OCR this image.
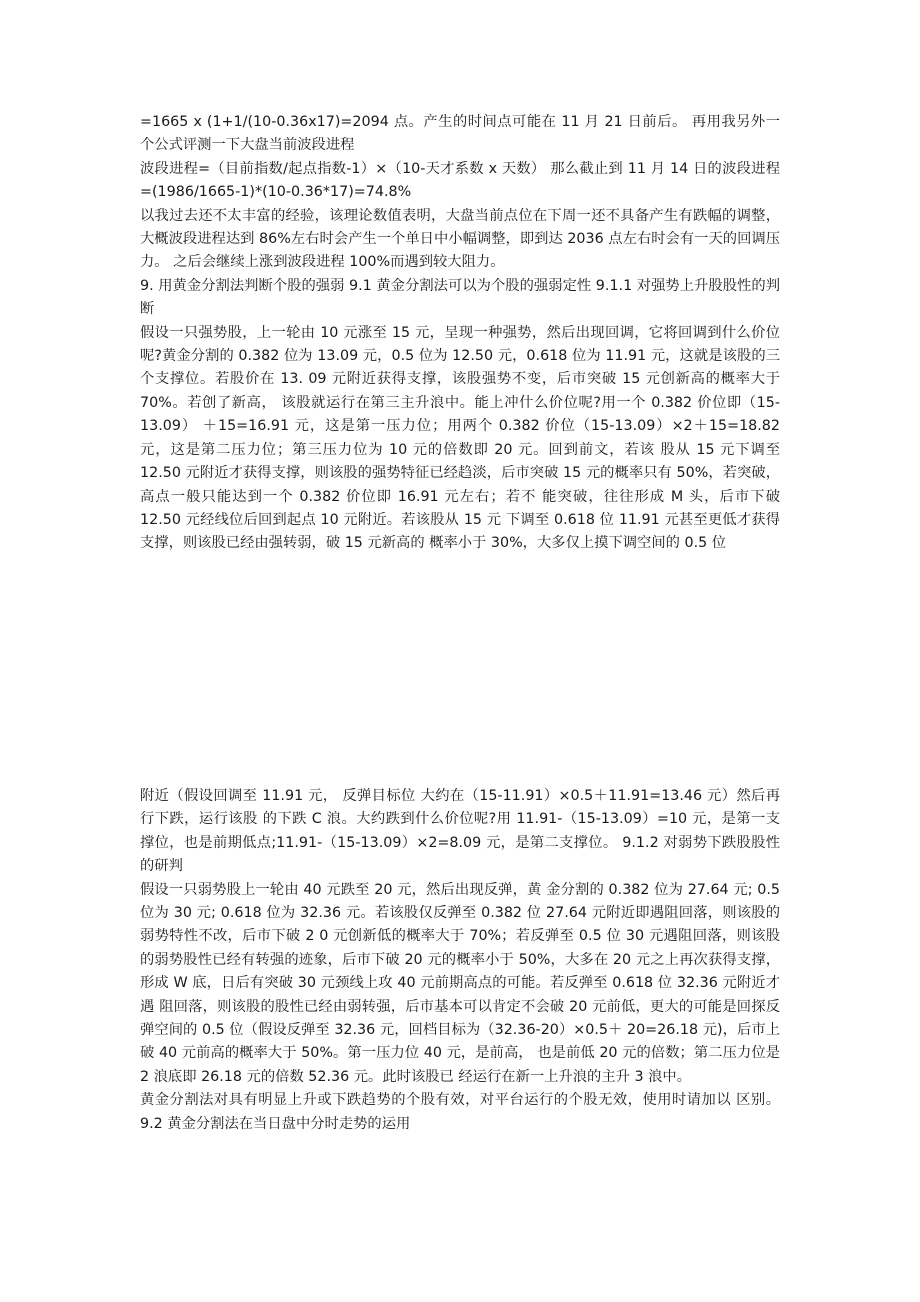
=1665 x (1+1/(10-0.36x17)=2094 点。产生的时间点可能在 11 月 21 日前后。 再用我另外一个公式评测一下大盘当前波段进程

波段进程=（目前指数/起点指数-1）×（10-天才系数 x 天数） 那么截止到 11 月 14 日的波段进程=(1986/1665-1)*(10-0.36*17)=74.8%

以我过去还不太丰富的经验，该理论数值表明，大盘当前点位在下周一还不具备产生有跌幅的调整， 大概波段进程达到 86%左右时会产生一个单日中小幅调整，即到达 2036 点左右时会有一天的回调压力。 之后会继续上涨到波段进程 100%而遇到较大阻力。

9. 用黄金分割法判断个股的强弱 9.1 黄金分割法可以为个股的强弱定性 9.1.1 对强势上升股股性的判断

假设一只强势股，上一轮由 10 元涨至 15 元，呈现一种强势，然后出现回调，它将回调到什么价位呢?黄金分割的 0.382 位为 13.09 元，0.5 位为 12.50 元，0.618 位为 11.91 元，这就是该股的三个支撑位。若股价在 13. 09 元附近获得支撑，该股强势不变，后市突破 15 元创新高的概率大于 70%。若创了新高， 该股就运行在第三主升浪中。能上冲什么价位呢?用一个 0.382 价位即（15-13.09） ＋15=16.91 元，这是第一压力位；用两个 0.382 价位（15-13.09）×2＋15=18.82 元，这是第二压力位；第三压力位为 10 元的倍数即 20 元。回到前文，若该 股从 15 元下调至 12.50 元附近才获得支撑，则该股的强势特征已经趋淡，后市突破 15 元的概率只有 50%，若突破，高点一般只能达到一个 0.382 价位即 16.91 元左右；若不 能突破，往往形成 M 头，后市下破 12.50 元经线位后回到起点 10 元附近。若该股从 15 元 下调至 0.618 位 11.91 元甚至更低才获得支撑，则该股已经由强转弱，破 15 元新高的 概率小于 30%，大多仅上摸下调空间的 0.5 位

附近（假设回调至 11.91 元， 反弹目标位 大约在（15-11.91）×0.5＋11.91=13.46 元）然后再行下跌，运行该股 的下跌 C 浪。大约跌到什么价位呢?用 11.91-（15-13.09）=10 元，是第一支 撑位，也是前期低点;11.91-（15-13.09）×2=8.09 元，是第二支撑位。 9.1.2 对弱势下跌股股性的研判

假设一只弱势股上一轮由 40 元跌至 20 元，然后出现反弹，黄 金分割的 0.382 位为 27.64 元; 0.5 位为 30 元; 0.618 位为 32.36 元。若该股仅反弹至 0.382 位 27.64 元附近即遇阻回落，则该股的弱势特性不改，后市下破 2 0 元创新低的概率大于 70%；若反弹至 0.5 位 30 元遇阻回落，则该股的弱势股性已经有转强的迹象，后市下破 20 元的概率小于 50%，大多在 20 元之上再次获得支撑，形成 W 底，日后有突破 30 元颈线上攻 40 元前期高点的可能。若反弹至 0.618 位 32.36 元附近才遇 阻回落，则该股的股性已经由弱转强，后市基本可以肯定不会破 20 元前低，更大的可能是回探反弹空间的 0.5 位（假设反弹至 32.36 元，回档目标为（32.36-20）×0.5＋ 20=26.18 元)，后市上破 40 元前高的概率大于 50%。第一压力位 40 元，是前高， 也是前低 20 元的倍数；第二压力位是 2 浪底即 26.18 元的倍数 52.36 元。此时该股已 经运行在新一上升浪的主升 3 浪中。

黄金分割法对具有明显上升或下跌趋势的个股有效，对平台运行的个股无效，使用时请加以 区别。 9.2 黄金分割法在当日盘中分时走势的运用
